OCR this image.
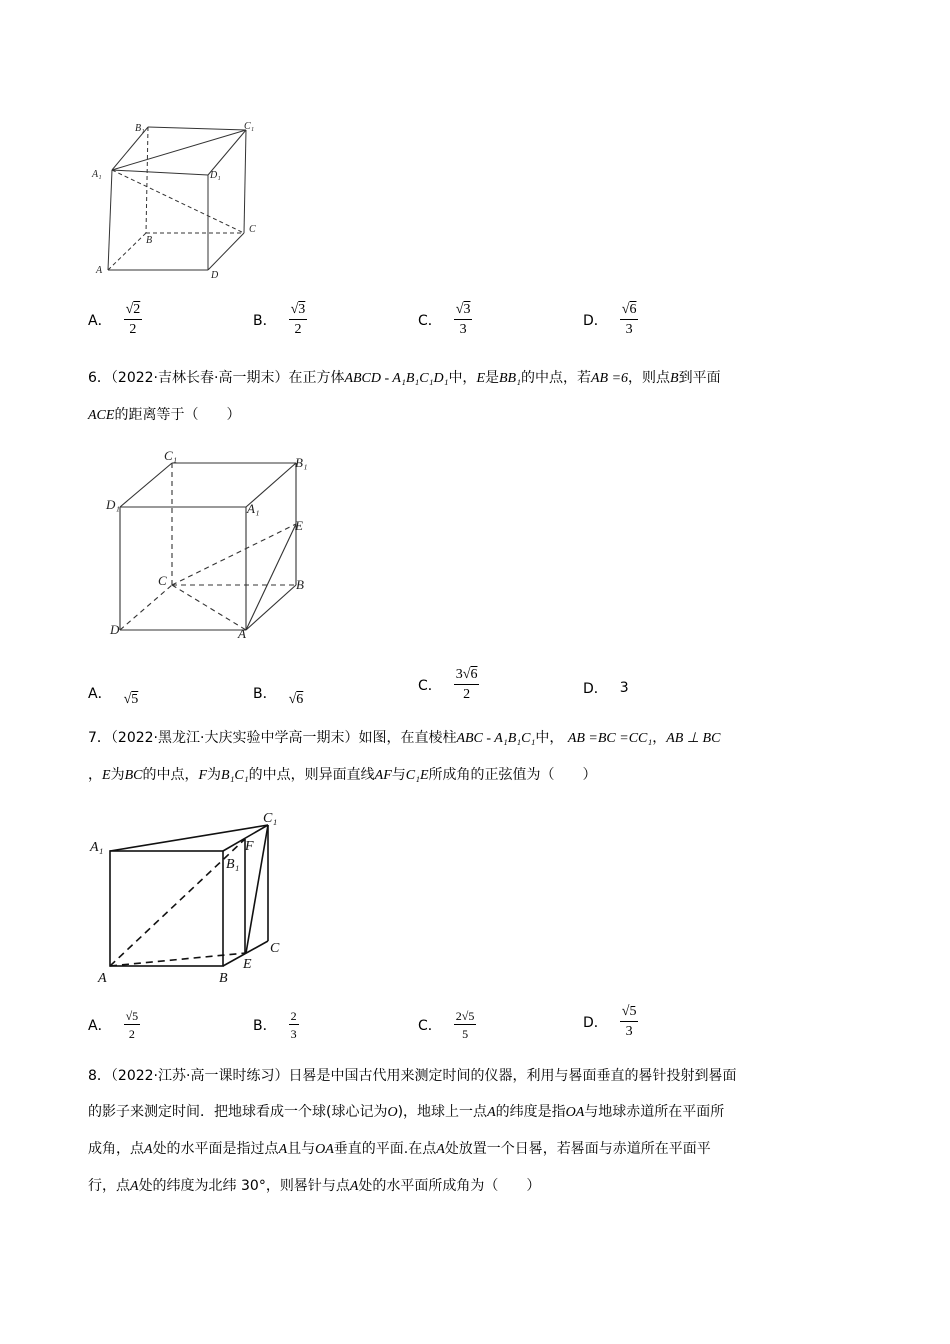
B₁	C₁
A₁	D₁
C
B
A	D
A． $\frac{√2}{2}$	B． $\frac{√3}{2}$	C． $\frac{√3}{3}$	D． $\frac{√6}{3}$
6．（2022·吉林长春·高一期末）在正方体ABCD - A₁B₁C₁D₁中，E是BB₁的中点，若AB =6，则点B到平面
ACE的距离等于（　　）
C₁	B₁
D₁	A₁
E
C	B
D	A
A． √5	B． √6
C． $\frac{3√6}{2}$	D． 3
7．（2022·黑龙江·大庆实验中学高一期末）如图，在直棱柱ABC - A₁B₁C₁中， AB =BC =CC₁，AB ⊥ BC
，E为BC的中点，F为B₁C₁的中点，则异面直线AF与C₁E所成角的正弦值为（　　）
C₁
A₁	F
B₁
C
E
A	B
A． $\frac{√5}{2}$	B． $\frac{2}{3}$	C． $\frac{2√5}{5}$	D． $\frac{√5}{3}$
8．（2022·江苏·高一课时练习）日晷是中国古代用来测定时间的仪器，利用与晷面垂直的晷针投射到晷面
的影子来测定时间．把地球看成一个球(球心记为O)，地球上一点A的纬度是指OA与地球赤道所在平面所
成角，点A处的水平面是指过点A且与OA垂直的平面.在点A处放置一个日晷，若晷面与赤道所在平面平
行，点A处的纬度为北纬 30°，则晷针与点A处的水平面所成角为（　　）
